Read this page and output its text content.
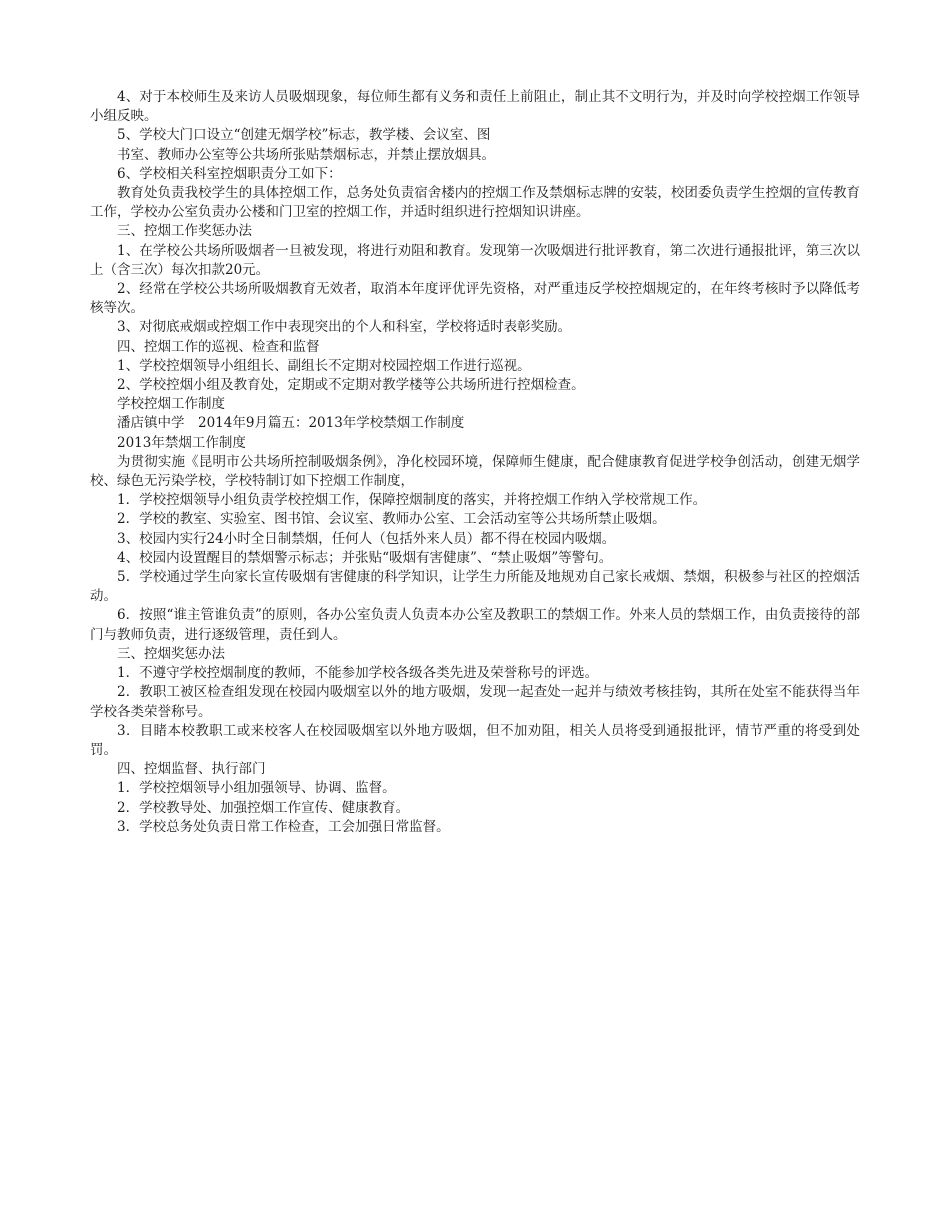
4、对于本校师生及来访人员吸烟现象，每位师生都有义务和责任上前阻止，制止其不文明行为，并及时向学校控烟工作领导小组反映。

5、学校大门口设立“创建无烟学校”标志，教学楼、会议室、图

书室、教师办公室等公共场所张贴禁烟标志，并禁止摆放烟具。

6、学校相关科室控烟职责分工如下：

教育处负责我校学生的具体控烟工作，总务处负责宿舍楼内的控烟工作及禁烟标志牌的安装，校团委负责学生控烟的宣传教育工作，学校办公室负责办公楼和门卫室的控烟工作，并适时组织进行控烟知识讲座。

三、控烟工作奖惩办法

1、在学校公共场所吸烟者一旦被发现，将进行劝阻和教育。发现第一次吸烟进行批评教育，第二次进行通报批评，第三次以上（含三次）每次扣款20元。

2、经常在学校公共场所吸烟教育无效者，取消本年度评优评先资格，对严重违反学校控烟规定的，在年终考核时予以降低考核等次。

3、对彻底戒烟或控烟工作中表现突出的个人和科室，学校将适时表彰奖励。

四、控烟工作的巡视、检查和监督

1、学校控烟领导小组组长、副组长不定期对校园控烟工作进行巡视。

2、学校控烟小组及教育处，定期或不定期对教学楼等公共场所进行控烟检查。

学校控烟工作制度

潘店镇中学　2014年9月篇五：2013年学校禁烟工作制度

2013年禁烟工作制度

为贯彻实施《昆明市公共场所控制吸烟条例》，净化校园环境，保障师生健康，配合健康教育促进学校争创活动，创建无烟学校、绿色无污染学校，学校特制订如下控烟工作制度，

1．学校控烟领导小组负责学校控烟工作，保障控烟制度的落实，并将控烟工作纳入学校常规工作。

2．学校的教室、实验室、图书馆、会议室、教师办公室、工会活动室等公共场所禁止吸烟。

3、校园内实行24小时全日制禁烟，任何人（包括外来人员）都不得在校园内吸烟。

4、校园内设置醒目的禁烟警示标志；并张贴“吸烟有害健康”、“禁止吸烟”等警句。

5．学校通过学生向家长宣传吸烟有害健康的科学知识，让学生力所能及地规劝自己家长戒烟、禁烟，积极参与社区的控烟活动。

6．按照“谁主管谁负责”的原则，各办公室负责人负责本办公室及教职工的禁烟工作。外来人员的禁烟工作，由负责接待的部门与教师负责，进行逐级管理，责任到人。

三、控烟奖惩办法

1．不遵守学校控烟制度的教师，不能参加学校各级各类先进及荣誉称号的评选。

2．教职工被区检查组发现在校园内吸烟室以外的地方吸烟，发现一起查处一起并与绩效考核挂钩，其所在处室不能获得当年学校各类荣誉称号。

3．目睹本校教职工或来校客人在校园吸烟室以外地方吸烟，但不加劝阻，相关人员将受到通报批评，情节严重的将受到处罚。

四、控烟监督、执行部门

1．学校控烟领导小组加强领导、协调、监督。

2．学校教导处、加强控烟工作宣传、健康教育。

3．学校总务处负责日常工作检查，工会加强日常监督。
